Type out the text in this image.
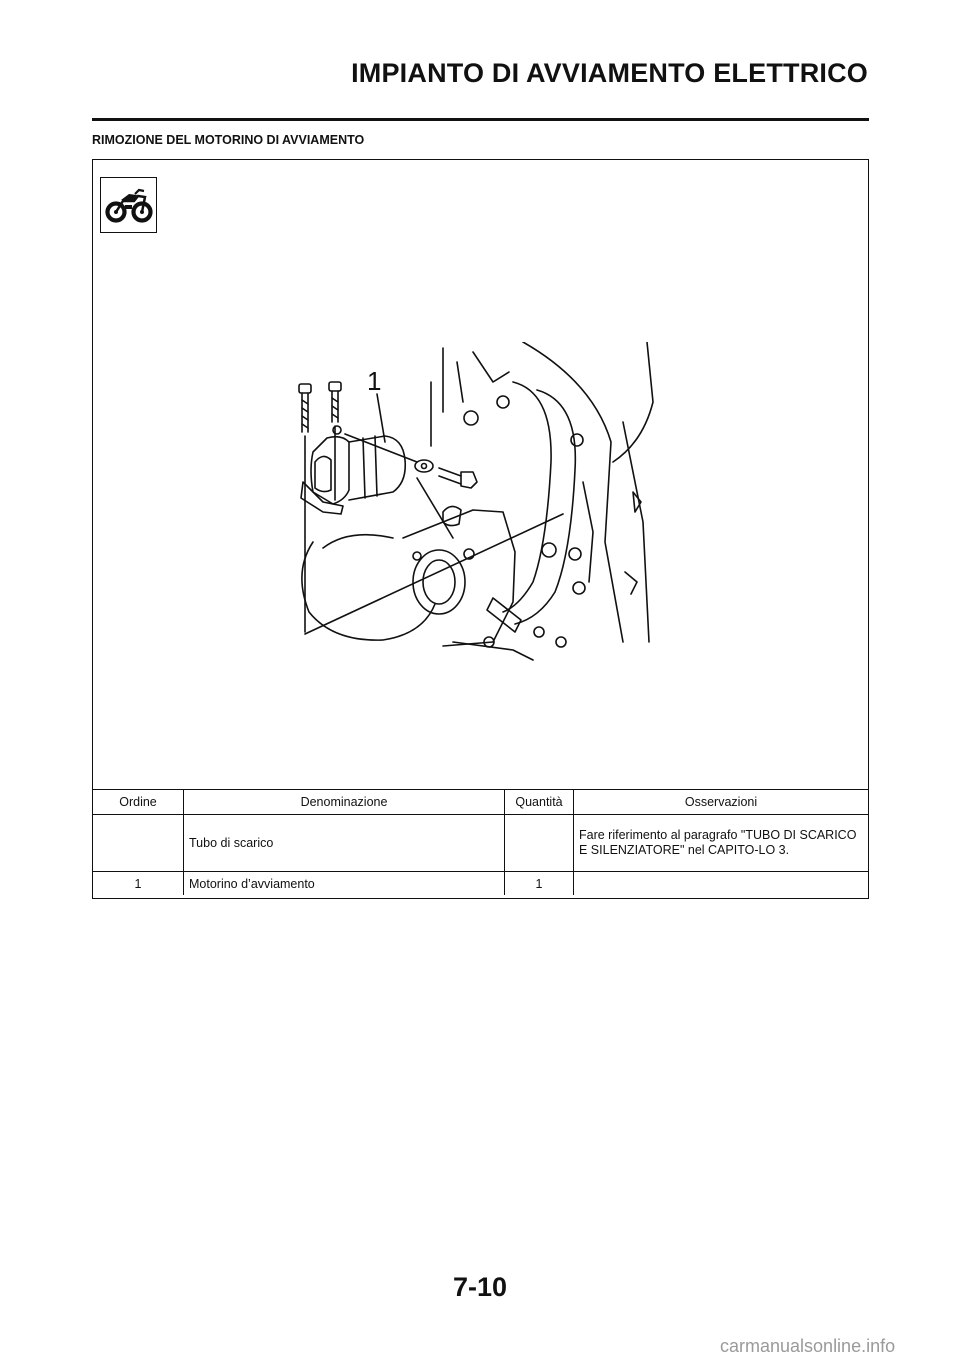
IMPIANTO DI AVVIAMENTO ELETTRICO
RIMOZIONE DEL MOTORINO DI AVVIAMENTO
1
Ordine	Denominazione	Quantità	Osservazioni
	Tubo di scarico		Fare riferimento al paragrafo "TUBO DI SCARICO E SILENZIATORE" nel CAPITO-LO 3.
1	Motorino d’avviamento	1	
7-10
carmanualsonline.info
